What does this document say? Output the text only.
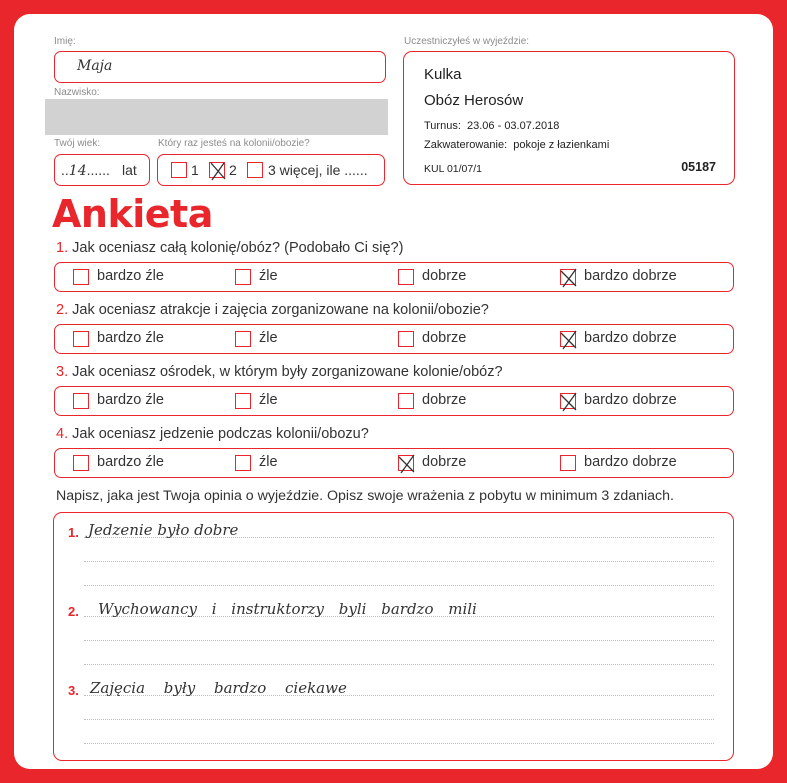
Imię:
Maja
Nazwisko:
Twój wiek:
..14...... lat
Który raz jesteś na kolonii/obozie?
1 2 3 więcej, ile ......
Uczestniczyłeś w wyjeździe:
Kulka
Obóz Herosów
Turnus: 23.06 - 03.07.2018
Zakwaterowanie: pokoje z łazienkami
KUL 01/07/1	05187
Ankieta
1. Jak oceniasz całą kolonię/obóz? (Podobało Ci się?)
bardzo źle	źle	dobrze	bardzo dobrze
2. Jak oceniasz atrakcje i zajęcia zorganizowane na kolonii/obozie?
bardzo źle	źle	dobrze	bardzo dobrze
3. Jak oceniasz ośrodek, w którym były zorganizowane kolonie/obóz?
bardzo źle	źle	dobrze	bardzo dobrze
4. Jak oceniasz jedzenie podczas kolonii/obozu?
bardzo źle	źle	dobrze	bardzo dobrze
Napisz, jaka jest Twoja opinia o wyjeździe. Opisz swoje wrażenia z pobytu w minimum 3 zdaniach.
1. Jedzenie było dobre
2. Wychowancy i instruktorzy byli bardzo mili
3. Zajęcia były bardzo ciekawe
